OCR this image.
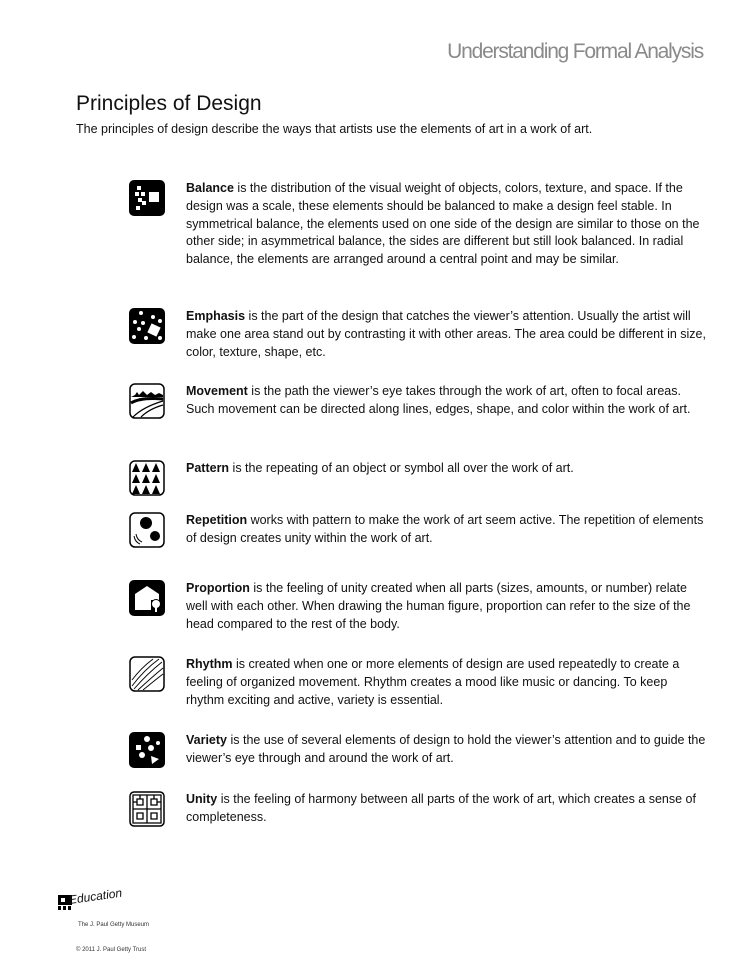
Understanding Formal Analysis
Principles of Design
The principles of design describe the ways that artists use the elements of art in a work of art.
Balance is the distribution of the visual weight of objects, colors, texture, and space. If the design was a scale, these elements should be balanced to make a design feel stable. In symmetrical balance, the elements used on one side of the design are similar to those on the other side; in asymmetrical balance, the sides are different but still look balanced. In radial balance, the elements are arranged around a central point and may be similar.
Emphasis is the part of the design that catches the viewer’s attention. Usually the artist will make one area stand out by contrasting it with other areas. The area could be different in size, color, texture, shape, etc.
Movement is the path the viewer’s eye takes through the work of art, often to focal areas. Such movement can be directed along lines, edges, shape, and color within the work of art.
Pattern is the repeating of an object or symbol all over the work of art.
Repetition works with pattern to make the work of art seem active. The repetition of elements of design creates unity within the work of art.
Proportion is the feeling of unity created when all parts (sizes, amounts, or number) relate well with each other. When drawing the human figure, proportion can refer to the size of the head compared to the rest of the body.
Rhythm is created when one or more elements of design are used repeatedly to create a feeling of organized movement. Rhythm creates a mood like music or dancing. To keep rhythm exciting and active, variety is essential.
Variety is the use of several elements of design to hold the viewer’s attention and to guide the viewer’s eye through and around the work of art.
Unity is the feeling of harmony between all parts of the work of art, which creates a sense of completeness.
Education
The J. Paul Getty Museum
© 2011 J. Paul Getty Trust
